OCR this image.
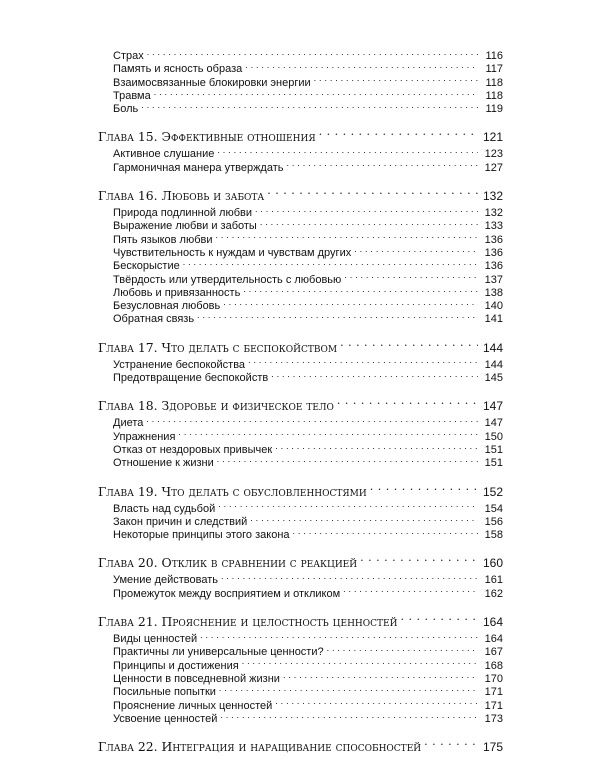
Страх . . .	116
Память и ясность образа . . .	117
Взаимосвязанные блокировки энергии . . .	118
Травма . . .	118
Боль . . .	119
Глава 15. Эффективные отношения . . .	121
Активное слушание . . .	123
Гармоничная манера утверждать . . .	127
Глава 16. Любовь и забота . . .	132
Природа подлинной любви . . .	132
Выражение любви и заботы . . .	133
Пять языков любви . . .	136
Чувствительность к нуждам и чувствам других . . .	136
Бескорыстие . . .	136
Твёрдость или утвердительность с любовью . . .	137
Любовь и привязанность . . .	138
Безусловная любовь . . .	140
Обратная связь . . .	141
Глава 17. Что делать с беспокойством . . .	144
Устранение беспокойства . . .	144
Предотвращение беспокойств . . .	145
Глава 18. Здоровье и физическое тело . . .	147
Диета . . .	147
Упражнения . . .	150
Отказ от нездоровых привычек . . .	151
Отношение к жизни . . .	151
Глава 19. Что делать с обусловленностями . . .	152
Власть над судьбой . . .	154
Закон причин и следствий . . .	156
Некоторые принципы этого закона . . .	158
Глава 20. Отклик в сравнении с реакцией . . .	160
Умение действовать . . .	161
Промежуток между восприятием и откликом . . .	162
Глава 21. Прояснение и целостность ценностей . . .	164
Виды ценностей . . .	164
Практичны ли универсальные ценности? . . .	167
Принципы и достижения . . .	168
Ценности в повседневной жизни . . .	170
Посильные попытки . . .	171
Прояснение личных ценностей . . .	171
Усвоение ценностей . . .	173
Глава 22. Интеграция и наращивание способностей . . .	175
